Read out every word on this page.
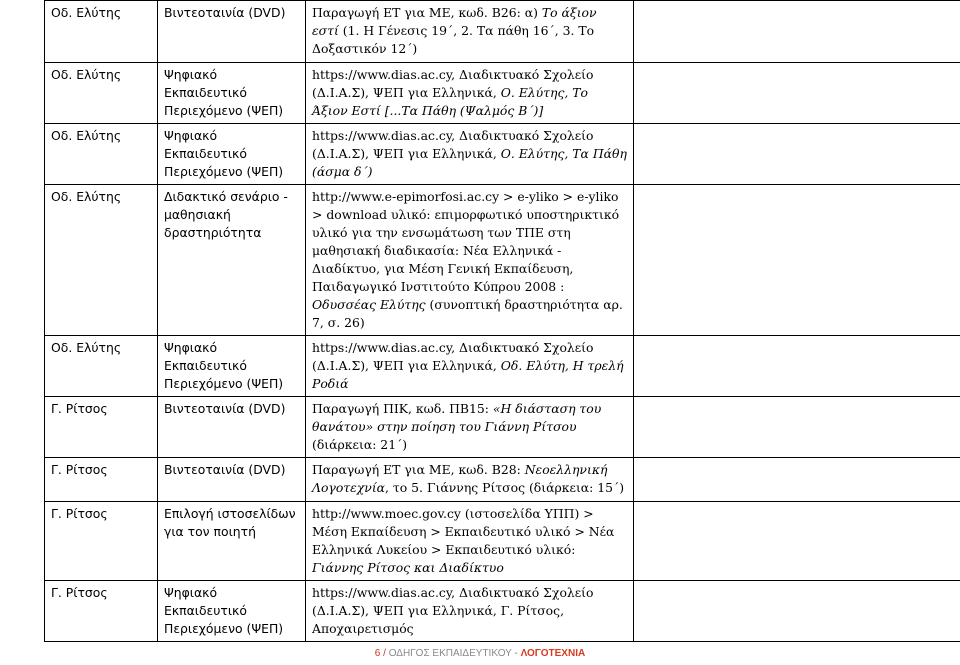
Οδ. Ελύτης	Βιντεοταινία (DVD)	Παραγωγή ΕΤ για ΜΕ, κωδ. Β26: α) Το άξιον εστί (1. Η Γένεσις 19΄, 2. Τα πάθη 16΄, 3. Το Δοξαστικόν 12΄)	
Οδ. Ελύτης	Ψηφιακό Εκπαιδευτικό Περιεχόμενο (ΨΕΠ)	https://www.dias.ac.cy, Διαδικτυακό Σχολείο (Δ.Ι.Α.Σ), ΨΕΠ για Ελληνικά, Ο. Ελύτης, Το Άξιον Εστί [...Τα Πάθη (Ψαλμός Β΄)]	
Οδ. Ελύτης	Ψηφιακό Εκπαιδευτικό Περιεχόμενο (ΨΕΠ)	https://www.dias.ac.cy, Διαδικτυακό Σχολείο (Δ.Ι.Α.Σ), ΨΕΠ για Ελληνικά, Ο. Ελύτης, Τα Πάθη (άσμα δ΄)	
Οδ. Ελύτης	Διδακτικό σενάριο - μαθησιακή δραστηριότητα	http://www.e-epimorfosi.ac.cy > e-yliko > e-yliko > download υλικό: επιμορφωτικό υποστηρικτικό υλικό για την ενσωμάτωση των ΤΠΕ στη μαθησιακή διαδικασία: Νέα Ελληνικά - Διαδίκτυο, για Μέση Γενική Εκπαίδευση, Παιδαγωγικό Ινστιτούτο Κύπρου 2008 : Οδυσσέας Ελύτης (συνοπτική δραστηριότητα αρ. 7, σ. 26)	
Οδ. Ελύτης	Ψηφιακό Εκπαιδευτικό Περιεχόμενο (ΨΕΠ)	https://www.dias.ac.cy, Διαδικτυακό Σχολείο (Δ.Ι.Α.Σ), ΨΕΠ για Ελληνικά, Οδ. Ελύτη, Η τρελή Ροδιά	
Γ. Ρίτσος	Βιντεοταινία (DVD)	Παραγωγή ΠΙΚ, κωδ. ΠΒ15: «Η διάσταση του θανάτου» στην ποίηση του Γιάννη Ρίτσου (διάρκεια: 21΄)	
Γ. Ρίτσος	Βιντεοταινία (DVD)	Παραγωγή ΕΤ για ΜΕ, κωδ. Β28: Νεοελληνική Λογοτεχνία, το 5. Γιάννης Ρίτσος (διάρκεια: 15΄)	
Γ. Ρίτσος	Επιλογή ιστοσελίδων για τον ποιητή	http://www.moec.gov.cy (ιστοσελίδα ΥΠΠ) > Μέση Εκπαίδευση > Εκπαιδευτικό υλικό > Νέα Ελληνικά Λυκείου > Εκπαιδευτικό υλικό: Γιάννης Ρίτσος και Διαδίκτυο	
Γ. Ρίτσος	Ψηφιακό Εκπαιδευτικό Περιεχόμενο (ΨΕΠ)	https://www.dias.ac.cy, Διαδικτυακό Σχολείο (Δ.Ι.Α.Σ), ΨΕΠ για Ελληνικά, Γ. Ρίτσος, Αποχαιρετισμός	
6 / ΟΔΗΓΟΣ ΕΚΠΑΙΔΕΥΤΙΚΟΥ - ΛΟΓΟΤΕΧΝΙΑ
